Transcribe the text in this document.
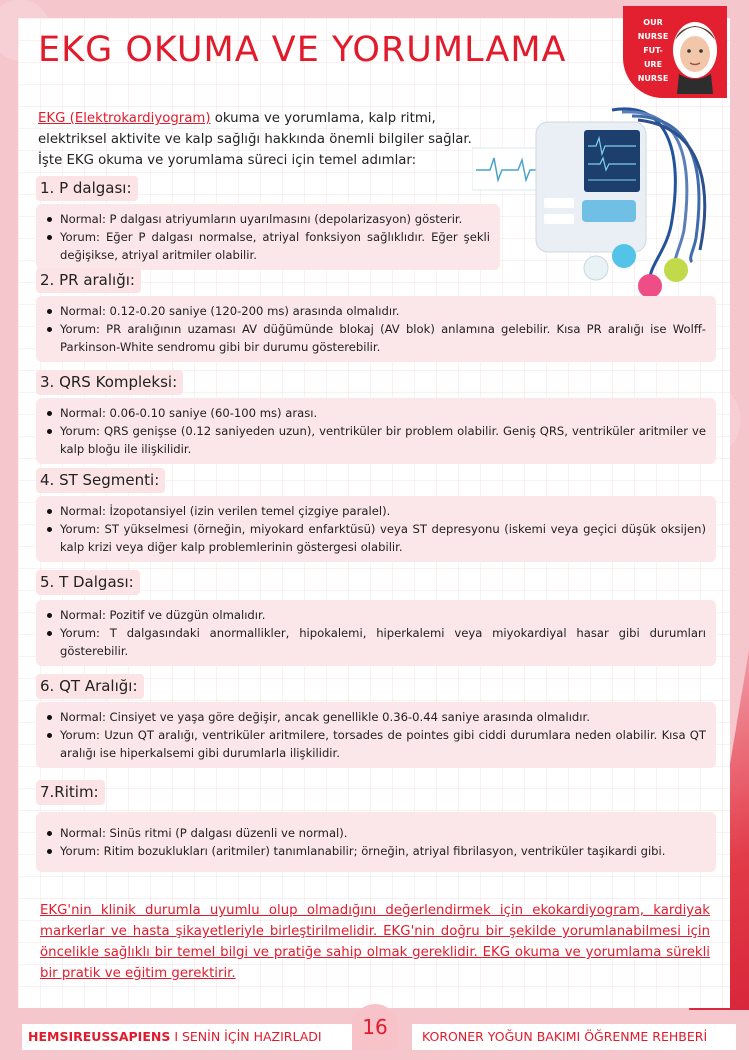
EKG OKUMA VE YORUMLAMA
OUR
NURSE
FUT-
URE
NURSE

EKG (Elektrokardiyogram) okuma ve yorumlama, kalp ritmi, elektriksel aktivite ve kalp sağlığı hakkında önemli bilgiler sağlar. İşte EKG okuma ve yorumlama süreci için temel adımlar:

1. P dalgası:
Normal: P dalgası atriyumların uyarılmasını (depolarizasyon) gösterir.
Yorum: Eğer P dalgası normalse, atriyal fonksiyon sağlıklıdır. Eğer şekli değişikse, atriyal aritmiler olabilir.
2. PR aralığı:
Normal: 0.12-0.20 saniye (120-200 ms) arasında olmalıdır.
Yorum: PR aralığının uzaması AV düğümünde blokaj (AV blok) anlamına gelebilir. Kısa PR aralığı ise Wolff-Parkinson-White sendromu gibi bir durumu gösterebilir.
3. QRS Kompleksi:
Normal: 0.06-0.10 saniye (60-100 ms) arası.
Yorum: QRS genişse (0.12 saniyeden uzun), ventriküler bir problem olabilir. Geniş QRS, ventriküler aritmiler ve kalp bloğu ile ilişkilidir.
4. ST Segmenti:
Normal: İzopotansiyel (izin verilen temel çizgiye paralel).
Yorum: ST yükselmesi (örneğin, miyokard enfarktüsü) veya ST depresyonu (iskemi veya geçici düşük oksijen) kalp krizi veya diğer kalp problemlerinin göstergesi olabilir.
5. T Dalgası:
Normal: Pozitif ve düzgün olmalıdır.
Yorum: T dalgasındaki anormallikler, hipokalemi, hiperkalemi veya miyokardiyal hasar gibi durumları gösterebilir.
6. QT Aralığı:
Normal: Cinsiyet ve yaşa göre değişir, ancak genellikle 0.36-0.44 saniye arasında olmalıdır.
Yorum: Uzun QT aralığı, ventriküler aritmilere, torsades de pointes gibi ciddi durumlara neden olabilir. Kısa QT aralığı ise hiperkalsemi gibi durumlarla ilişkilidir.
7.Ritim:
Normal: Sinüs ritmi (P dalgası düzenli ve normal).
Yorum: Ritim bozuklukları (aritmiler) tanımlanabilir; örneğin, atriyal fibrilasyon, ventriküler taşikardi gibi.

EKG'nin klinik durumla uyumlu olup olmadığını değerlendirmek için ekokardiyogram, kardiyak markerlar ve hasta şikayetleriyle birleştirilmelidir. EKG'nin doğru bir şekilde yorumlanabilmesi için öncelikle sağlıklı bir temel bilgi ve pratiğe sahip olmak gereklidir. EKG okuma ve yorumlama sürekli bir pratik ve eğitim gerektirir.

HEMSIREUSSAPIENS I SENİN İÇİN HAZIRLADI	16	KORONER YOĞUN BAKIMI ÖĞRENME REHBERİ
